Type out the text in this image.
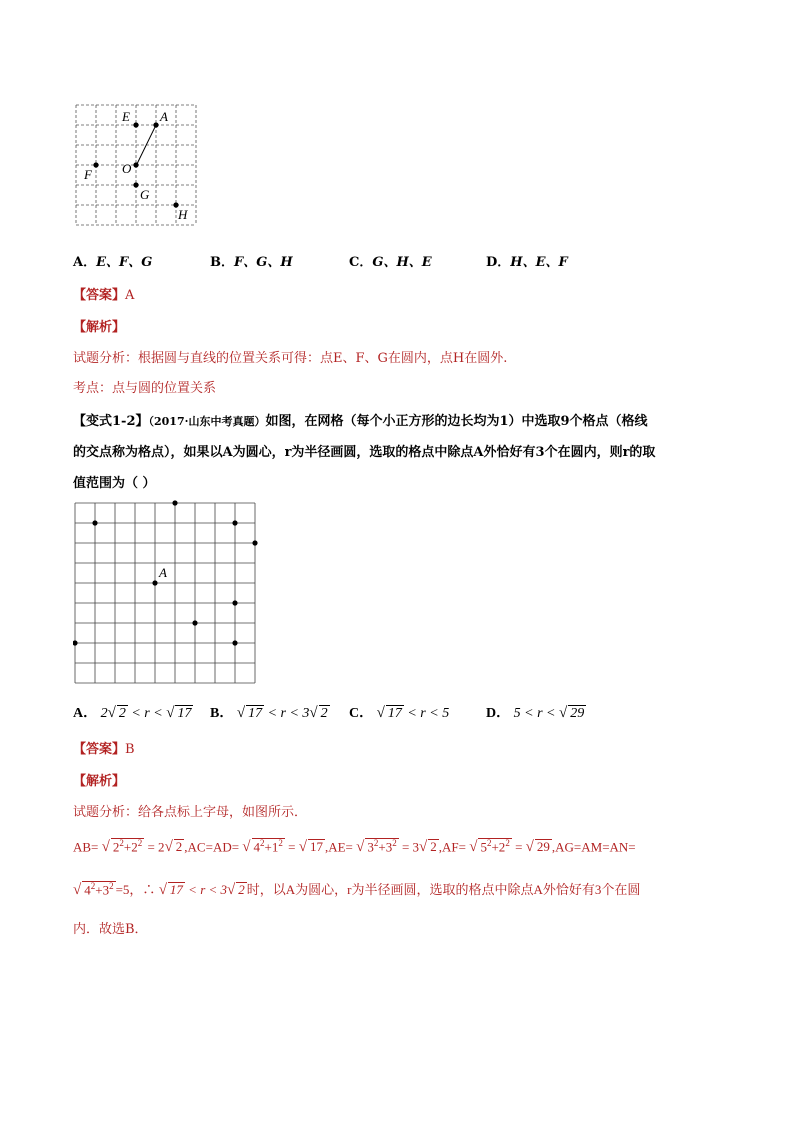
E A
F O
G
H
A．E、F、G	B．F、G、H	C．G、H、E	D．H、E、F
【答案】A
【解析】
试题分析：根据圆与直线的位置关系可得：点E、F、G在圆内，点H在圆外.
考点：点与圆的位置关系
【变式1-2】（2017·山东中考真题）如图，在网格（每个小正方形的边长均为1）中选取9个格点（格线
的交点称为格点），如果以A为圆心，r为半径画圆，选取的格点中除点A外恰好有3个在圆内，则r的取
值范围为（ ）
A
A． 2√ 2 < r < √ 17 B． √ 17 < r < 3√ 2 C． √ 17 < r < 5	D． 5 < r < √ 29
【答案】B
【解析】
试题分析：给各点标上字母，如图所示．
AB= √ $2^2+2^2 = 2√$ 2 ,AC=AD= √ $4^2+1^2$ = √ 17 ,AE= √ $3^2+3^2 = 3√$ 2 ,AF= √ $5^2+2^2$ = √ 29 ,AG=AM=AN=
√ $4^2+3^2 =5$，∴ √ 17 < r < 3√ 2 时，以A为圆心，r为半径画圆，选取的格点中除点A外恰好有3个在圆
内．故选B．
